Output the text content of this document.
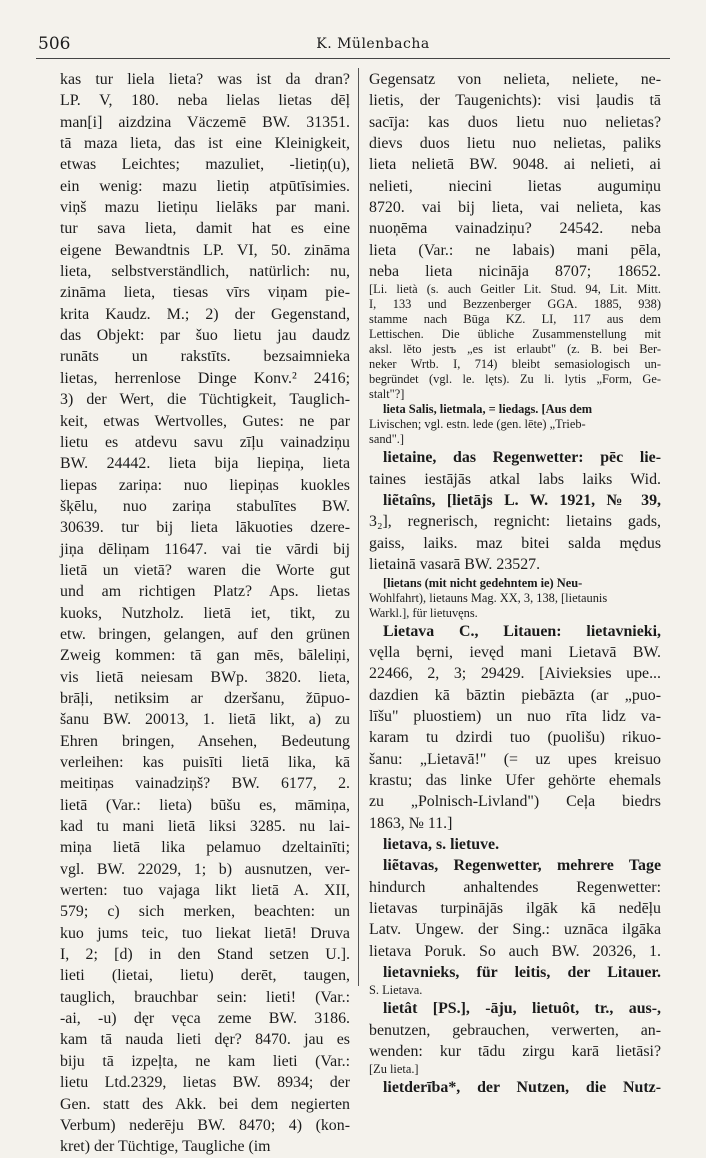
506	K. Mülenbacha
kas tur liela lieta? was ist da dran?
LP. V, 180. neba lielas lietas dēļ
man[i] aizdzina Väczemē BW. 31351.
tā maza lieta, das ist eine Kleinigkeit,
etwas Leichtes; mazuliet, -lietiņ(u),
ein wenig: mazu lietiņ atpūtīsimies.
viņš mazu lietiņu lielāks par mani.
tur sava lieta, damit hat es eine
eigene Bewandtnis LP. VI, 50. zināma
lieta, selbstverständlich, natürlich: nu,
zināma lieta, tiesas vīrs viņam pie-
krita Kaudz. M.; 2) der Gegenstand,
das Objekt: par šuo lietu jau daudz
runāts un rakstīts. bezsaimnieka
lietas, herrenlose Dinge Konv.² 2416;
3) der Wert, die Tüchtigkeit, Tauglich-
keit, etwas Wertvolles, Gutes: ne par
lietu es atdevu savu zīļu vainadziņu
BW. 24442. lieta bija liepiņa, lieta
liepas zariņa: nuo liepiņas kuokles
šķēlu, nuo zariņa stabulītes BW.
30639. tur bij lieta lākuoties dzere-
jiņa dēliņam 11647. vai tie vārdi bij
lietā un vietā? waren die Worte gut
und am richtigen Platz? Aps. lietas
kuoks, Nutzholz. lietā iet, tikt, zu
etw. bringen, gelangen, auf den grünen
Zweig kommen: tā gan mēs, bāleliņi,
vis lietā neiesam BWp. 3820. lieta,
brāļi, netiksim ar dzeršanu, žūpuo-
šanu BW. 20013, 1. lietā likt, a) zu
Ehren bringen, Ansehen, Bedeutung
verleihen: kas puisīti lietā lika, kā
meitiņas vainadziņš? BW. 6177, 2.
lietā (Var.: lieta) būšu es, māmiņa,
kad tu mani lietā liksi 3285. nu lai-
miņa lietā lika pelamuo dzeltainīti;
vgl. BW. 22029, 1; b) ausnutzen, ver-
werten: tuo vajaga likt lietā A. XII,
579; c) sich merken, beachten: un
kuo jums teic, tuo liekat lietā! Druva
I, 2; [d) in den Stand setzen U.].
lieti (lietai, lietu) derēt, taugen,
tauglich, brauchbar sein: lieti! (Var.:
-ai, -u) dęr vęca zeme BW. 3186.
kam tā nauda lieti dęr? 8470. jau es
biju tā izpeļta, ne kam lieti (Var.:
lietu Ltd.2329, lietas BW. 8934; der
Gen. statt des Akk. bei dem negierten
Verbum) nederēju BW. 8470; 4) (kon-
kret) der Tüchtige, Taugliche (im
Gegensatz von nelieta, neliete, ne-
lietis, der Taugenichts): visi ļaudis tā
sacīja: kas duos lietu nuo nelietas?
dievs duos lietu nuo nelietas, paliks
lieta nelietā BW. 9048. ai nelieti, ai
nelieti, niecini lietas augumiņu
8720. vai bij lieta, vai nelieta, kas
nuoņēma vainadziņu? 24542. neba
lieta (Var.: ne labais) mani pēla,
neba lieta nicināja 8707; 18652.
[Li. lietà (s. auch Geitler Lit. Stud. 94, Lit. Mitt.
I, 133 und Bezzenberger GGA. 1885, 938)
stamme nach Būga KZ. LI, 117 aus dem
Lettischen. Die übliche Zusammenstellung mit
aksl. lěto jestъ „es ist erlaubt" (z. B. bei Ber-
neker Wrtb. I, 714) bleibt semasiologisch un-
begründet (vgl. le. lęts). Zu li. lytis „Form, Ge-
stalt"?]
lieta Salis, lietmala, = liedags. [Aus dem
Livischen; vgl. estn. lede (gen. lēte) „Trieb-
sand".]
lietaine, das Regenwetter: pēc lie-
taines iestājās atkal labs laiks Wid.
liẽtaîns, [lietājs L. W. 1921, № 39,
3₂], regnerisch, regnicht: lietains gads,
gaiss, laiks. maz bitei salda mędus
lietainā vasarā BW. 23527.
[lietans (mit nicht gedehntem ie) Neu-
Wohlfahrt), lietauns Mag. XX, 3, 138, [lietaunis
Warkl.], für lietuvęns.
Lietava C., Litauen: lietavnieki,
vęlla bęrni, ievęd mani Lietavā BW.
22466, 2, 3; 29429. [Aivieksies upe...
dazdien kā bāztin piebāzta (ar „puo-
līšu" pluostiem) un nuo rīta lidz va-
karam tu dzirdi tuo (puolišu) rikuo-
šanu: „Lietavā!" (= uz upes kreisuo
krastu; das linke Ufer gehörte ehemals
zu „Polnisch-Livland") Ceļa biedrs
1863, № 11.]
lietava, s. lietuve.
liẽtavas, Regenwetter, mehrere Tage
hindurch anhaltendes Regenwetter:
lietavas turpinājās ilgāk kā nedēļu
Latv. Ungew. der Sing.: uznāca ilgāka
lietava Poruk. So auch BW. 20326, 1.
lietavnieks, für leitis, der Litauer.
S. Lietava.
lietât [PS.], -āju, lietuôt, tr., aus-,
benutzen, gebrauchen, verwerten, an-
wenden: kur tādu zirgu karā lietāsi?
[Zu lieta.]
lietderība*, der Nutzen, die Nutz-
